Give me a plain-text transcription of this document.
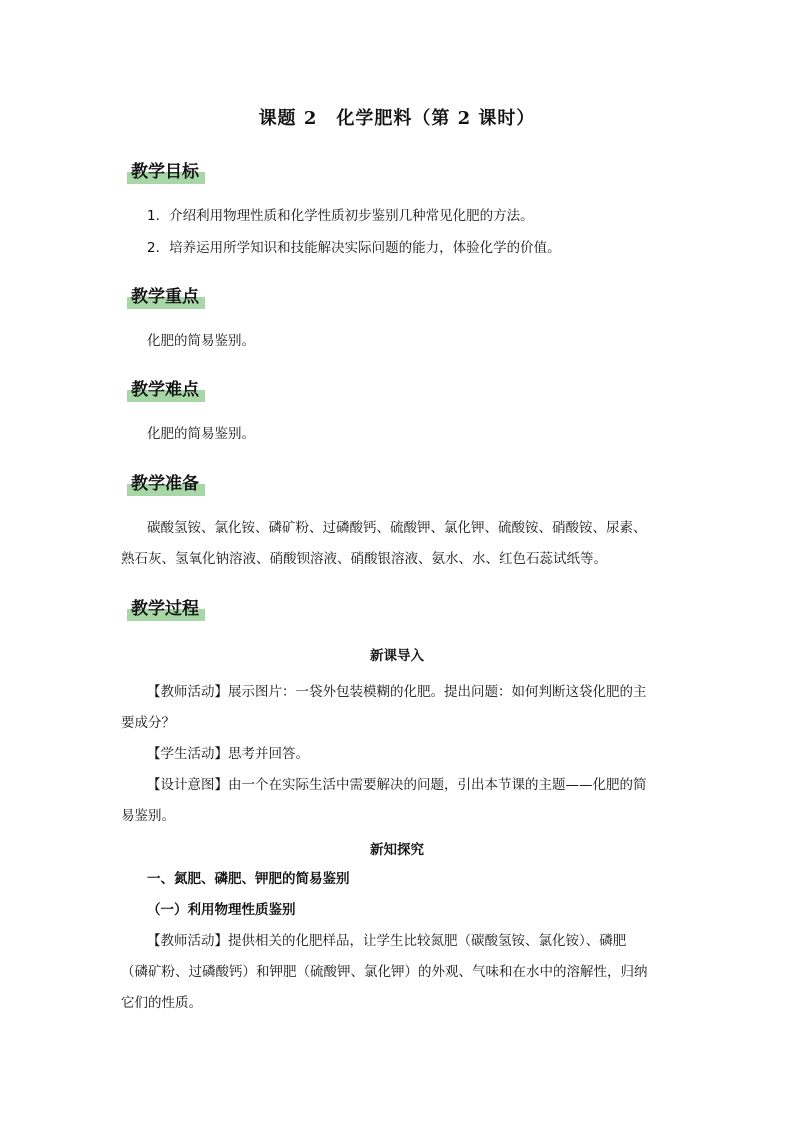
课题 2　化学肥料（第 2 课时）
教学目标
1．介绍利用物理性质和化学性质初步鉴别几种常见化肥的方法。
2．培养运用所学知识和技能解决实际问题的能力，体验化学的价值。
教学重点
化肥的简易鉴别。
教学难点
化肥的简易鉴别。
教学准备
碳酸氢铵、氯化铵、磷矿粉、过磷酸钙、硫酸钾、氯化钾、硫酸铵、硝酸铵、尿素、
熟石灰、氢氧化钠溶液、硝酸钡溶液、硝酸银溶液、氨水、水、红色石蕊试纸等。
教学过程
新课导入
【教师活动】展示图片：一袋外包装模糊的化肥。提出问题：如何判断这袋化肥的主
要成分？
【学生活动】思考并回答。
【设计意图】由一个在实际生活中需要解决的问题，引出本节课的主题——化肥的简
易鉴别。
新知探究
一、氮肥、磷肥、钾肥的简易鉴别
（一）利用物理性质鉴别
【教师活动】提供相关的化肥样品，让学生比较氮肥（碳酸氢铵、氯化铵）、磷肥
（磷矿粉、过磷酸钙）和钾肥（硫酸钾、氯化钾）的外观、气味和在水中的溶解性，归纳
它们的性质。
